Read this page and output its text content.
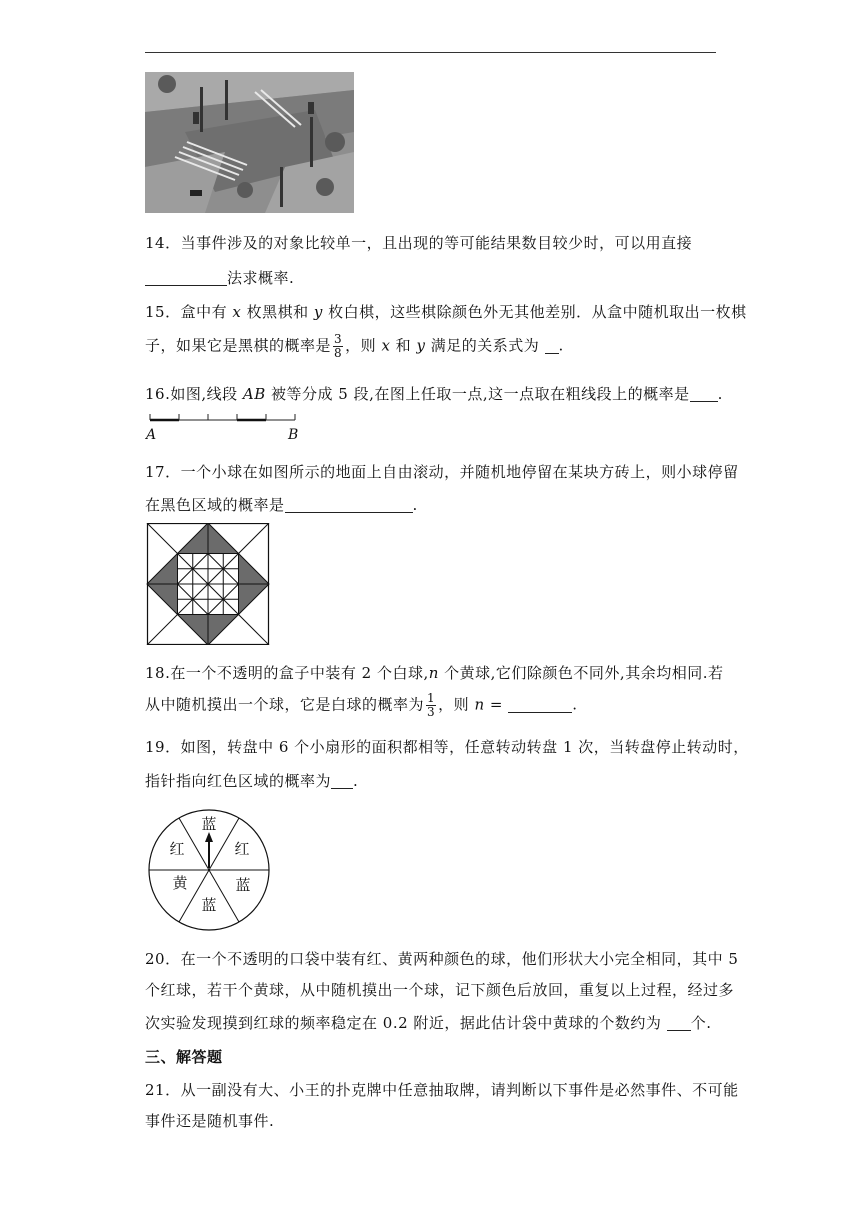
14．当事件涉及的对象比较单一，且出现的等可能结果数目较少时，可以用直接
法求概率.
15．盒中有 x 枚黑棋和 y 枚白棋，这些棋除颜色外无其他差别．从盒中随机取出一枚棋
子，如果它是黑棋的概率是 $\frac{3}{8}$ ，则 x 和 y 满足的关系式为 .
16.如图,线段 AB 被等分成 5 段,在图上任取一点,这一点取在粗线段上的概率是 .
A	B
17．一个小球在如图所示的地面上自由滚动，并随机地停留在某块方砖上，则小球停留
在黑色区域的概率是	.
18.在一个不透明的盒子中装有 2 个白球,n 个黄球,它们除颜色不同外,其余均相同.若
从中随机摸出一个球，它是白球的概率为 $\frac{1}{3}$ ，则 n =	.
19．如图，转盘中 6 个小扇形的面积都相等，任意转动转盘 1 次，当转盘停止转动时，
指针指向红色区域的概率为 .
蓝
红
蓝
蓝
黄
红
20．在一个不透明的口袋中装有红、黄两种颜色的球，他们形状大小完全相同，其中 5
个红球，若干个黄球，从中随机摸出一个球，记下颜色后放回，重复以上过程，经过多
次实验发现摸到红球的频率稳定在 0.2 附近，据此估计袋中黄球的个数约为 个.
三、解答题
21．从一副没有大、小王的扑克牌中任意抽取牌，请判断以下事件是必然事件、不可能
事件还是随机事件.
